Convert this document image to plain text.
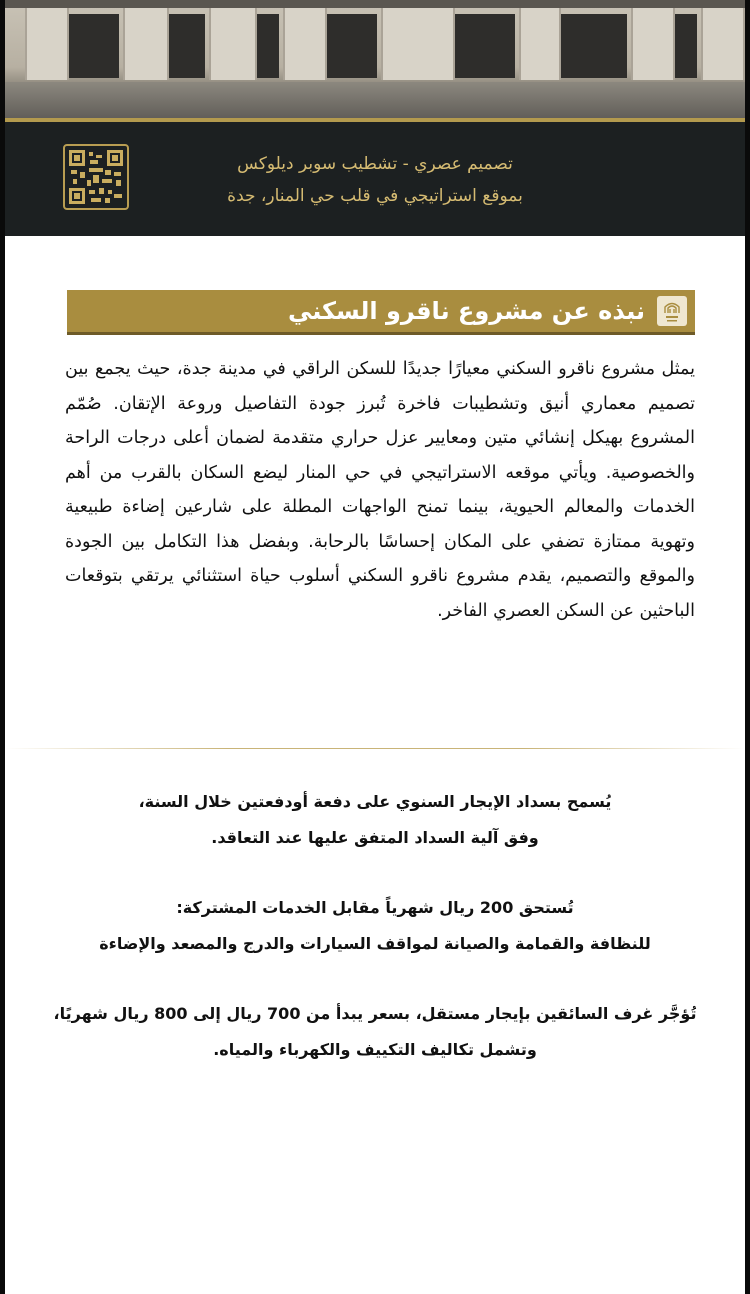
تصميم عصري - تشطيب سوبر ديلوكس
بموقع استراتيجي في قلب حي المنار، جدة
نبذه عن مشروع ناقرو السكني
يمثل مشروع ناقرو السكني معيارًا جديدًا للسكن الراقي في مدينة جدة، حيث يجمع بين تصميم معماري أنيق وتشطيبات فاخرة تُبرز جودة التفاصيل وروعة الإتقان. صُمّم المشروع بهيكل إنشائي متين ومعايير عزل حراري متقدمة لضمان أعلى درجات الراحة والخصوصية. ويأتي موقعه الاستراتيجي في حي المنار ليضع السكان بالقرب من أهم الخدمات والمعالم الحيوية، بينما تمنح الواجهات المطلة على شارعين إضاءة طبيعية وتهوية ممتازة تضفي على المكان إحساسًا بالرحابة. وبفضل هذا التكامل بين الجودة والموقع والتصميم، يقدم مشروع ناقرو السكني أسلوب حياة استثنائي يرتقي بتوقعات الباحثين عن السكن العصري الفاخر.

يُسمح بسداد الإيجار السنوي على دفعة أودفعتين خلال السنة،

وفق آلية السداد المتفق عليها عند التعاقد.

تُستحق 200 ريال شهرياً مقابل الخدمات المشتركة:

للنظافة والقمامة والصيانة لمواقف السيارات والدرج والمصعد والإضاءة

تُؤجَّر غرف السائقين بإيجار مستقل، بسعر يبدأ من 700 ريال إلى 800 ريال شهريًا،

وتشمل تكاليف التكييف والكهرباء والمياه.
